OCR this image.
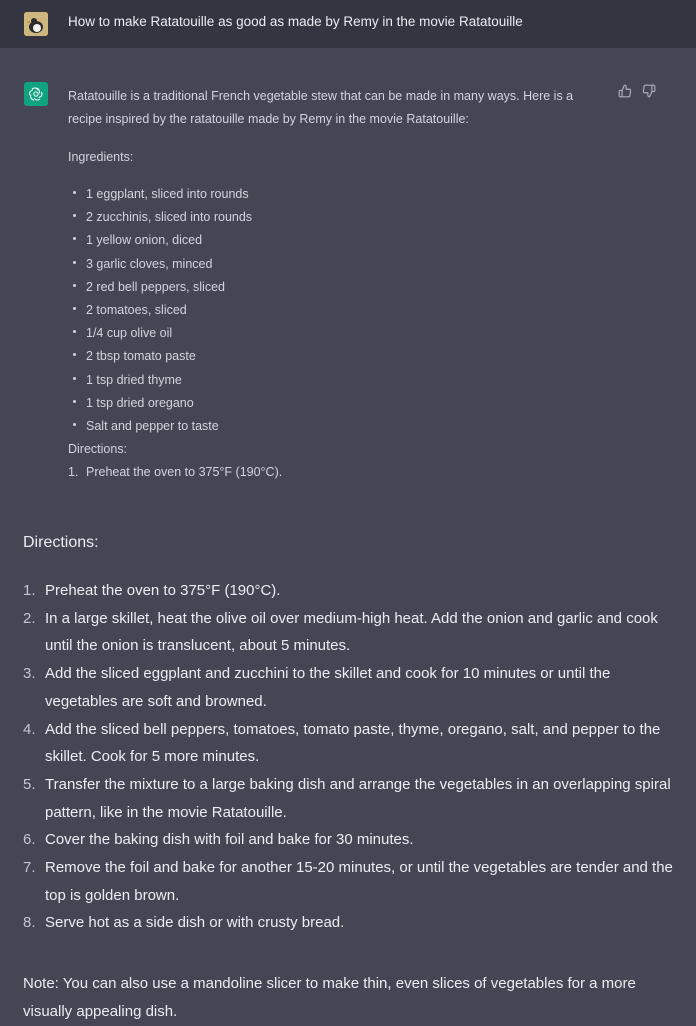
How to make Ratatouille as good as made by Remy in the movie Ratatouille

Ratatouille is a traditional French vegetable stew that can be made in many ways. Here is a recipe inspired by the ratatouille made by Remy in the movie Ratatouille:

Ingredients:

1 eggplant, sliced into rounds
2 zucchinis, sliced into rounds
1 yellow onion, diced
3 garlic cloves, minced
2 red bell peppers, sliced
2 tomatoes, sliced
1/4 cup olive oil
2 tbsp tomato paste
1 tsp dried thyme
1 tsp dried oregano
Salt and pepper to taste

Directions:

1. Preheat the oven to 375°F (190°C).

Directions:
1. Preheat the oven to 375°F (190°C).
2. In a large skillet, heat the olive oil over medium-high heat. Add the onion and garlic and cook until the onion is translucent, about 5 minutes.
3. Add the sliced eggplant and zucchini to the skillet and cook for 10 minutes or until the vegetables are soft and browned.
4. Add the sliced bell peppers, tomatoes, tomato paste, thyme, oregano, salt, and pepper to the skillet. Cook for 5 more minutes.
5. Transfer the mixture to a large baking dish and arrange the vegetables in an overlapping spiral pattern, like in the movie Ratatouille.
6. Cover the baking dish with foil and bake for 30 minutes.
7. Remove the foil and bake for another 15-20 minutes, or until the vegetables are tender and the top is golden brown.
8. Serve hot as a side dish or with crusty bread.

Note: You can also use a mandoline slicer to make thin, even slices of vegetables for a more visually appealing dish.
